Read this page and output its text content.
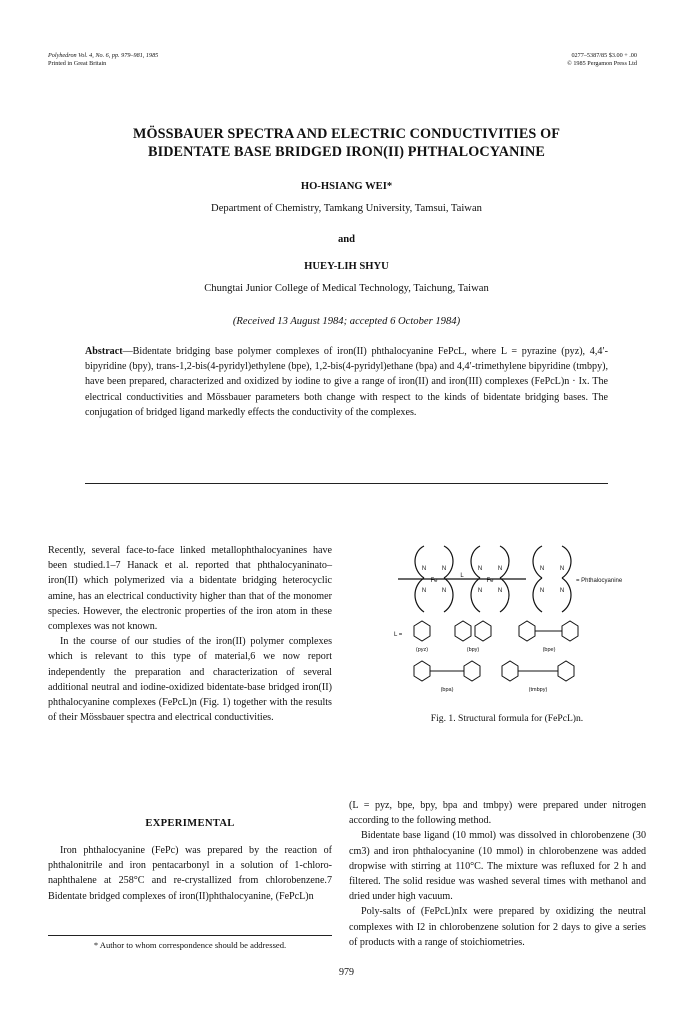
Polyhedron Vol. 4, No. 6, pp. 979–981, 1985
Printed in Great Britain
0277–5387/85 $3.00 + .00
© 1985 Pergamon Press Ltd
MÖSSBAUER SPECTRA AND ELECTRIC CONDUCTIVITIES OF
BIDENTATE BASE BRIDGED IRON(II) PHTHALOCYANINE
HO-HSIANG WEI*
Department of Chemistry, Tamkang University, Tamsui, Taiwan
and
HUEY-LIH SHYU
Chungtai Junior College of Medical Technology, Taichung, Taiwan
(Received 13 August 1984; accepted 6 October 1984)

Abstract—Bidentate bridging base polymer complexes of iron(II) phthalocyanine FePcL, where L = pyrazine (pyz), 4,4′-bipyridine (bpy), trans-1,2-bis(4-pyridyl)ethylene (bpe), 1,2-bis(4-pyridyl)ethane (bpa) and 4,4′-trimethylene bipyridine (tmbpy), have been prepared, characterized and oxidized by iodine to give a range of iron(II) and iron(III) complexes (FePcL)n · Ix. The electrical conductivities and Mössbauer parameters both change with respect to the kinds of bidentate bridging bases. The conjugation of bridged ligand markedly effects the conductivity of the complexes.

Recently, several face-to-face linked metallophthalocyanines have been studied.1–7 Hanack et al. reported that phthalocyaninato–iron(II) which polymerized via a bidentate bridging heterocyclic amine, has an electrical conductivity higher than that of the monomer species. However, the electronic properties of the iron atom in these complexes was not known.

In the course of our studies of the iron(II) polymer complexes which is relevant to this type of material,6 we now report independently the preparation and characterization of several additional neutral and iodine-oxidized bidentate-base bridged iron(II) phthalocyanine complexes (FePcL)n (Fig. 1) together with the results of their Mössbauer spectra and electrical conductivities.

EXPERIMENTAL

Iron phthalocyanine (FePc) was prepared by the reaction of phthalonitrile and iron pentacarbonyl in a solution of 1-chloro-naphthalene at 258°C and re-crystallized from chlorobenzene.7 Bidentate bridged complexes of iron(II)phthalocyanine, (FePcL)n

* Author to whom correspondence should be addressed.
N	N
N	N
Fe
L
N	N
N	N
Fe
N	N
N	N
= Phthalocyanine
L =
(pyz)	(bpy)	(bpe)
(bpa)	(tmbpy)
Fig. 1. Structural formula for (FePcL)n.

(L = pyz, bpe, bpy, bpa and tmbpy) were prepared under nitrogen according to the following method.

Bidentate base ligand (10 mmol) was dissolved in chlorobenzene (30 cm3) and iron phthalocyanine (10 mmol) in chlorobenzene was added dropwise with stirring at 110°C. The mixture was refluxed for 2 h and filtered. The solid residue was washed several times with methanol and dried under high vacuum.

Poly-salts of (FePcL)nIx were prepared by oxidizing the neutral complexes with I2 in chlorobenzene solution for 2 days to give a series of products with a range of stoichiometries.

979
